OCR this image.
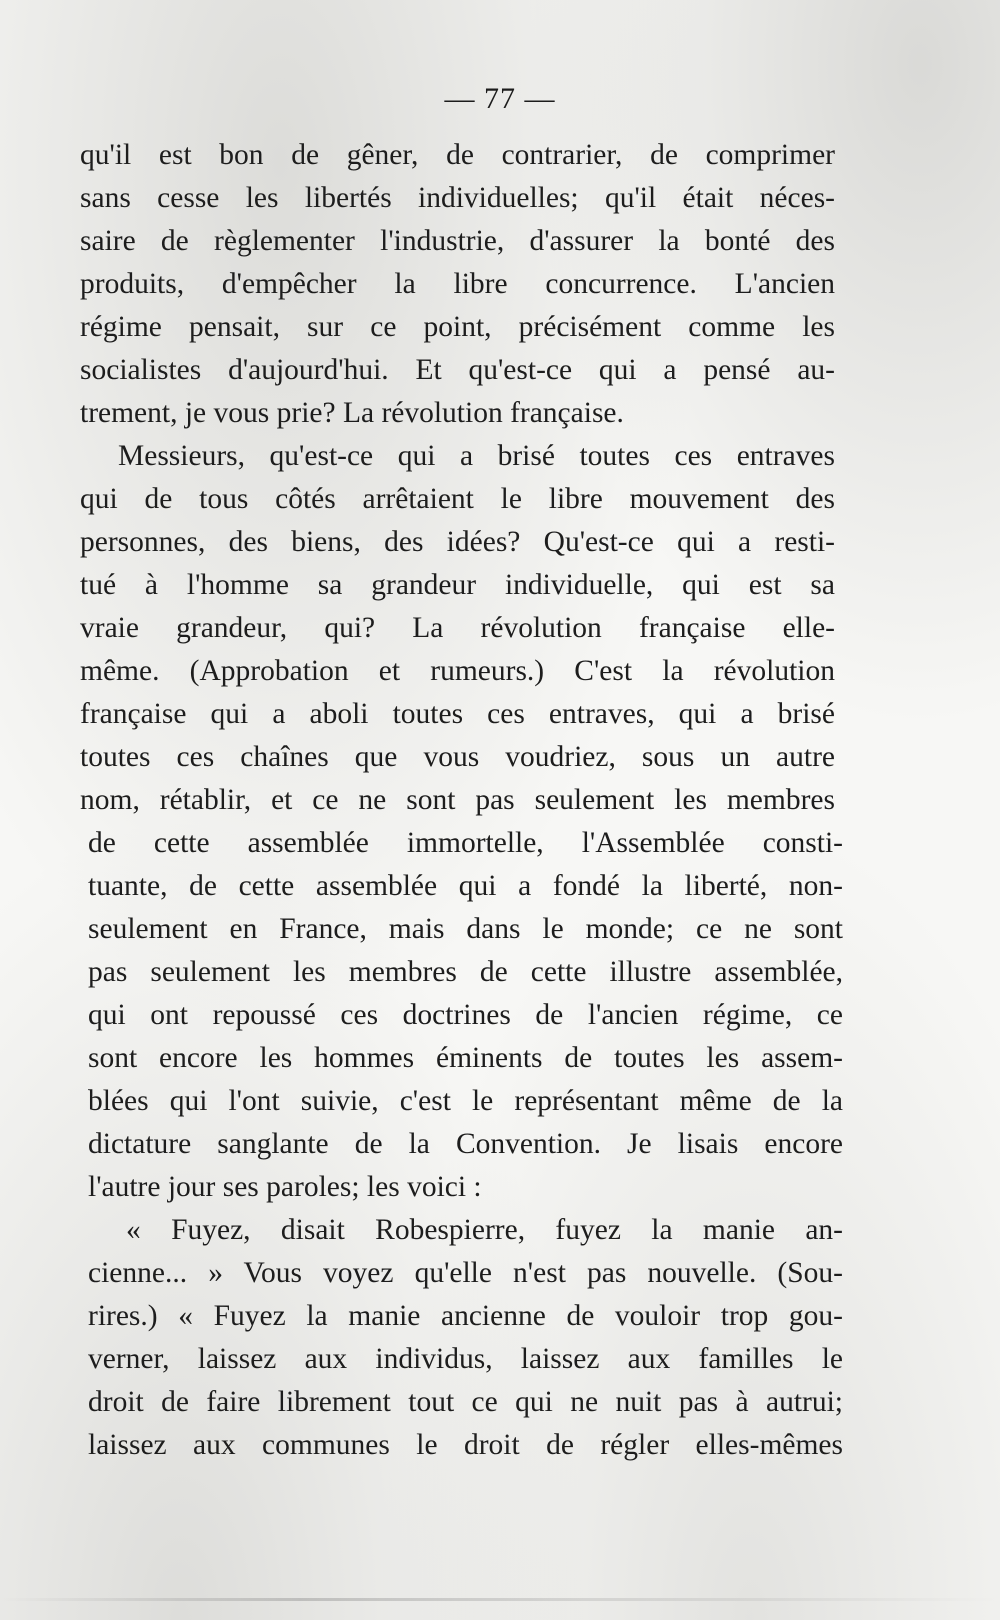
— 77 —
qu'il est bon de gêner, de contrarier, de comprimer
sans cesse les libertés individuelles; qu'il était néces-
saire de règlementer l'industrie, d'assurer la bonté des
produits, d'empêcher la libre concurrence. L'ancien
régime pensait, sur ce point, précisément comme les
socialistes d'aujourd'hui. Et qu'est-ce qui a pensé au-
trement, je vous prie? La révolution française.
Messieurs, qu'est-ce qui a brisé toutes ces entraves
qui de tous côtés arrêtaient le libre mouvement des
personnes, des biens, des idées? Qu'est-ce qui a resti-
tué à l'homme sa grandeur individuelle, qui est sa
vraie grandeur, qui? La révolution française elle-
même. (Approbation et rumeurs.) C'est la révolution
française qui a aboli toutes ces entraves, qui a brisé
toutes ces chaînes que vous voudriez, sous un autre
nom, rétablir, et ce ne sont pas seulement les membres
de cette assemblée immortelle, l'Assemblée consti-
tuante, de cette assemblée qui a fondé la liberté, non-
seulement en France, mais dans le monde; ce ne sont
pas seulement les membres de cette illustre assemblée,
qui ont repoussé ces doctrines de l'ancien régime, ce
sont encore les hommes éminents de toutes les assem-
blées qui l'ont suivie, c'est le représentant même de la
dictature sanglante de la Convention. Je lisais encore
l'autre jour ses paroles; les voici :
« Fuyez, disait Robespierre, fuyez la manie an-
cienne... » Vous voyez qu'elle n'est pas nouvelle. (Sou-
rires.) « Fuyez la manie ancienne de vouloir trop gou-
verner, laissez aux individus, laissez aux familles le
droit de faire librement tout ce qui ne nuit pas à autrui;
laissez aux communes le droit de régler elles-mêmes
